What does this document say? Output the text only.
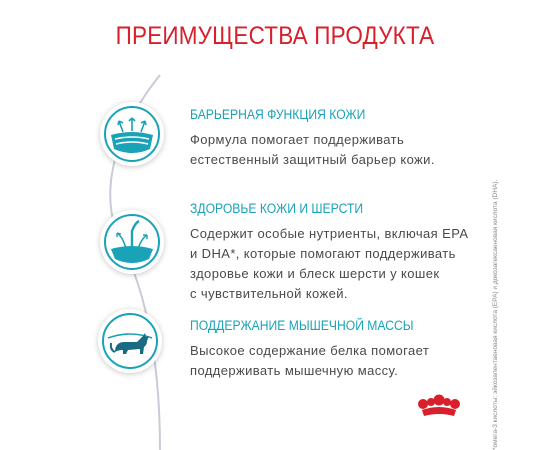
ПРЕИМУЩЕСТВА ПРОДУКТА
БАРЬЕРНАЯ ФУНКЦИЯ КОЖИ
Формула помогает поддерживать
естественный защитный барьер кожи.
ЗДОРОВЬЕ КОЖИ И ШЕРСТИ
Содержит особые нутриенты, включая ЕРА
и DHA*, которые помогают поддерживать
здоровье кожи и блеск шерсти у кошек
с чувствительной кожей.
ПОДДЕРЖАНИЕ МЫШЕЧНОЙ МАССЫ
Высокое содержание белка помогает
поддерживать мышечную массу.	*омега-3 кислоты: эйкозапентаеновая кислота (EPA) и докозагексаеновая кислота (DHA).
